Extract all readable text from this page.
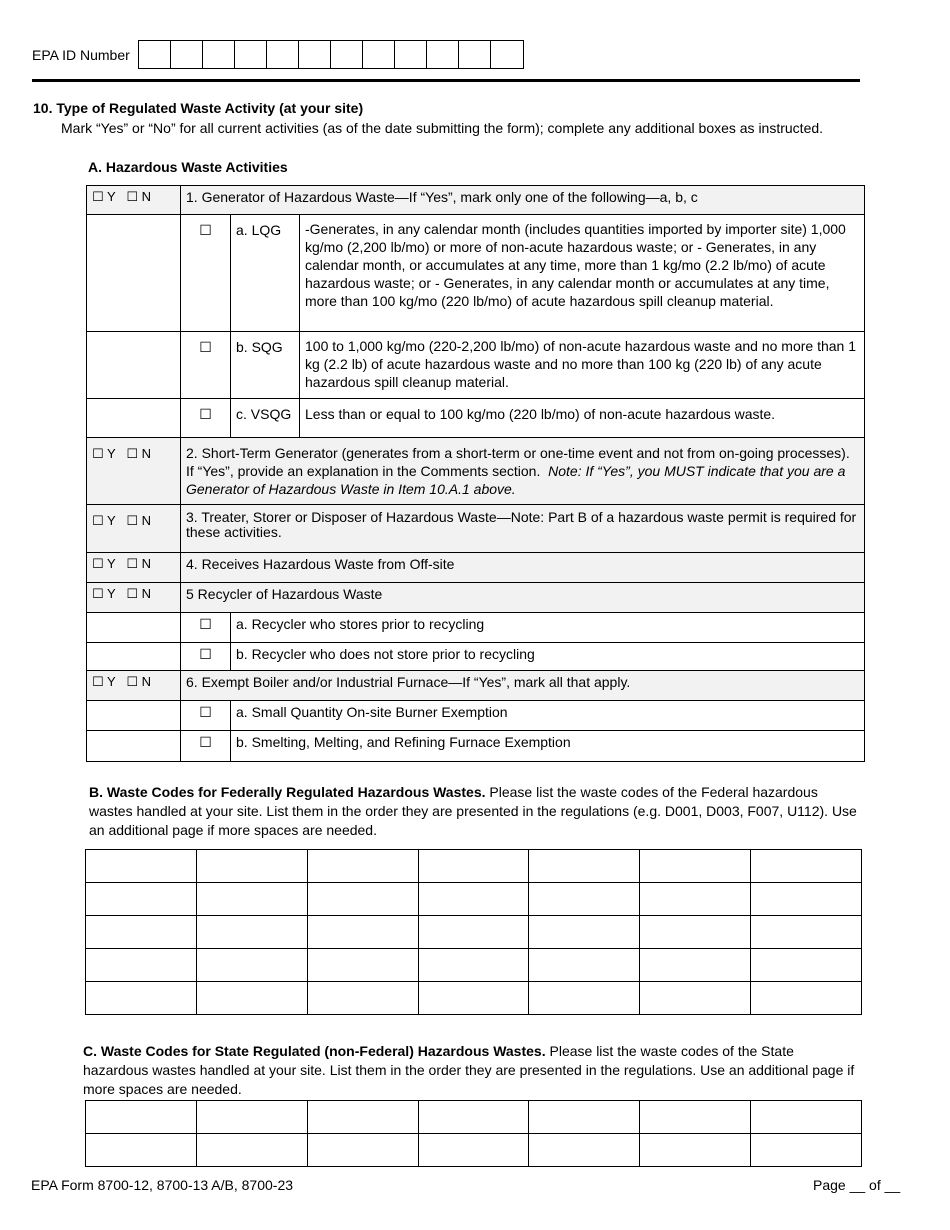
EPA ID Number
10. Type of Regulated Waste Activity (at your site)
Mark “Yes” or “No” for all current activities (as of the date submitting the form); complete any additional boxes as instructed.
A. Hazardous Waste Activities
☐ Y ☐ N	1. Generator of Hazardous Waste—If “Yes”, mark only one of the following—a, b, c		
	☐	a. LQG	-Generates, in any calendar month (includes quantities imported by importer site) 1,000 kg/mo (2,200 lb/mo) or more of non-acute hazardous waste; or - Generates, in any calendar month, or accumulates at any time, more than 1 kg/mo (2.2 lb/mo) of acute hazardous waste; or - Generates, in any calendar month or accumulates at any time, more than 100 kg/mo (220 lb/mo) of acute hazardous spill cleanup material.
	☐	b. SQG	100 to 1,000 kg/mo (220-2,200 lb/mo) of non-acute hazardous waste and no more than 1 kg (2.2 lb) of acute hazardous waste and no more than 100 kg (220 lb) of any acute hazardous spill cleanup material.
	☐	c. VSQG	Less than or equal to 100 kg/mo (220 lb/mo) of non-acute hazardous waste.
☐ Y ☐ N	2. Short-Term Generator (generates from a short-term or one-time event and not from on-going processes). If “Yes”, provide an explanation in the Comments section. Note: If “Yes”, you MUST indicate that you are a Generator of Hazardous Waste in Item 10.A.1 above.		
☐ Y ☐ N	3. Treater, Storer or Disposer of Hazardous Waste—Note: Part B of a hazardous waste permit is required for these activities.		
☐ Y ☐ N	4. Receives Hazardous Waste from Off-site		
☐ Y ☐ N	5 Recycler of Hazardous Waste		
	☐	a. Recycler who stores prior to recycling	
	☐	b. Recycler who does not store prior to recycling	
☐ Y ☐ N	6. Exempt Boiler and/or Industrial Furnace—If “Yes”, mark all that apply.		
	☐	a. Small Quantity On-site Burner Exemption	
	☐	b. Smelting, Melting, and Refining Furnace Exemption	
B. Waste Codes for Federally Regulated Hazardous Wastes. Please list the waste codes of the Federal hazardous wastes handled at your site. List them in the order they are presented in the regulations (e.g. D001, D003, F007, U112). Use an additional page if more spaces are needed.

C. Waste Codes for State Regulated (non-Federal) Hazardous Wastes. Please list the waste codes of the State hazardous wastes handled at your site. List them in the order they are presented in the regulations. Use an additional page if more spaces are needed.

EPA Form 8700-12, 8700-13 A/B, 8700-23	Page __ of __
